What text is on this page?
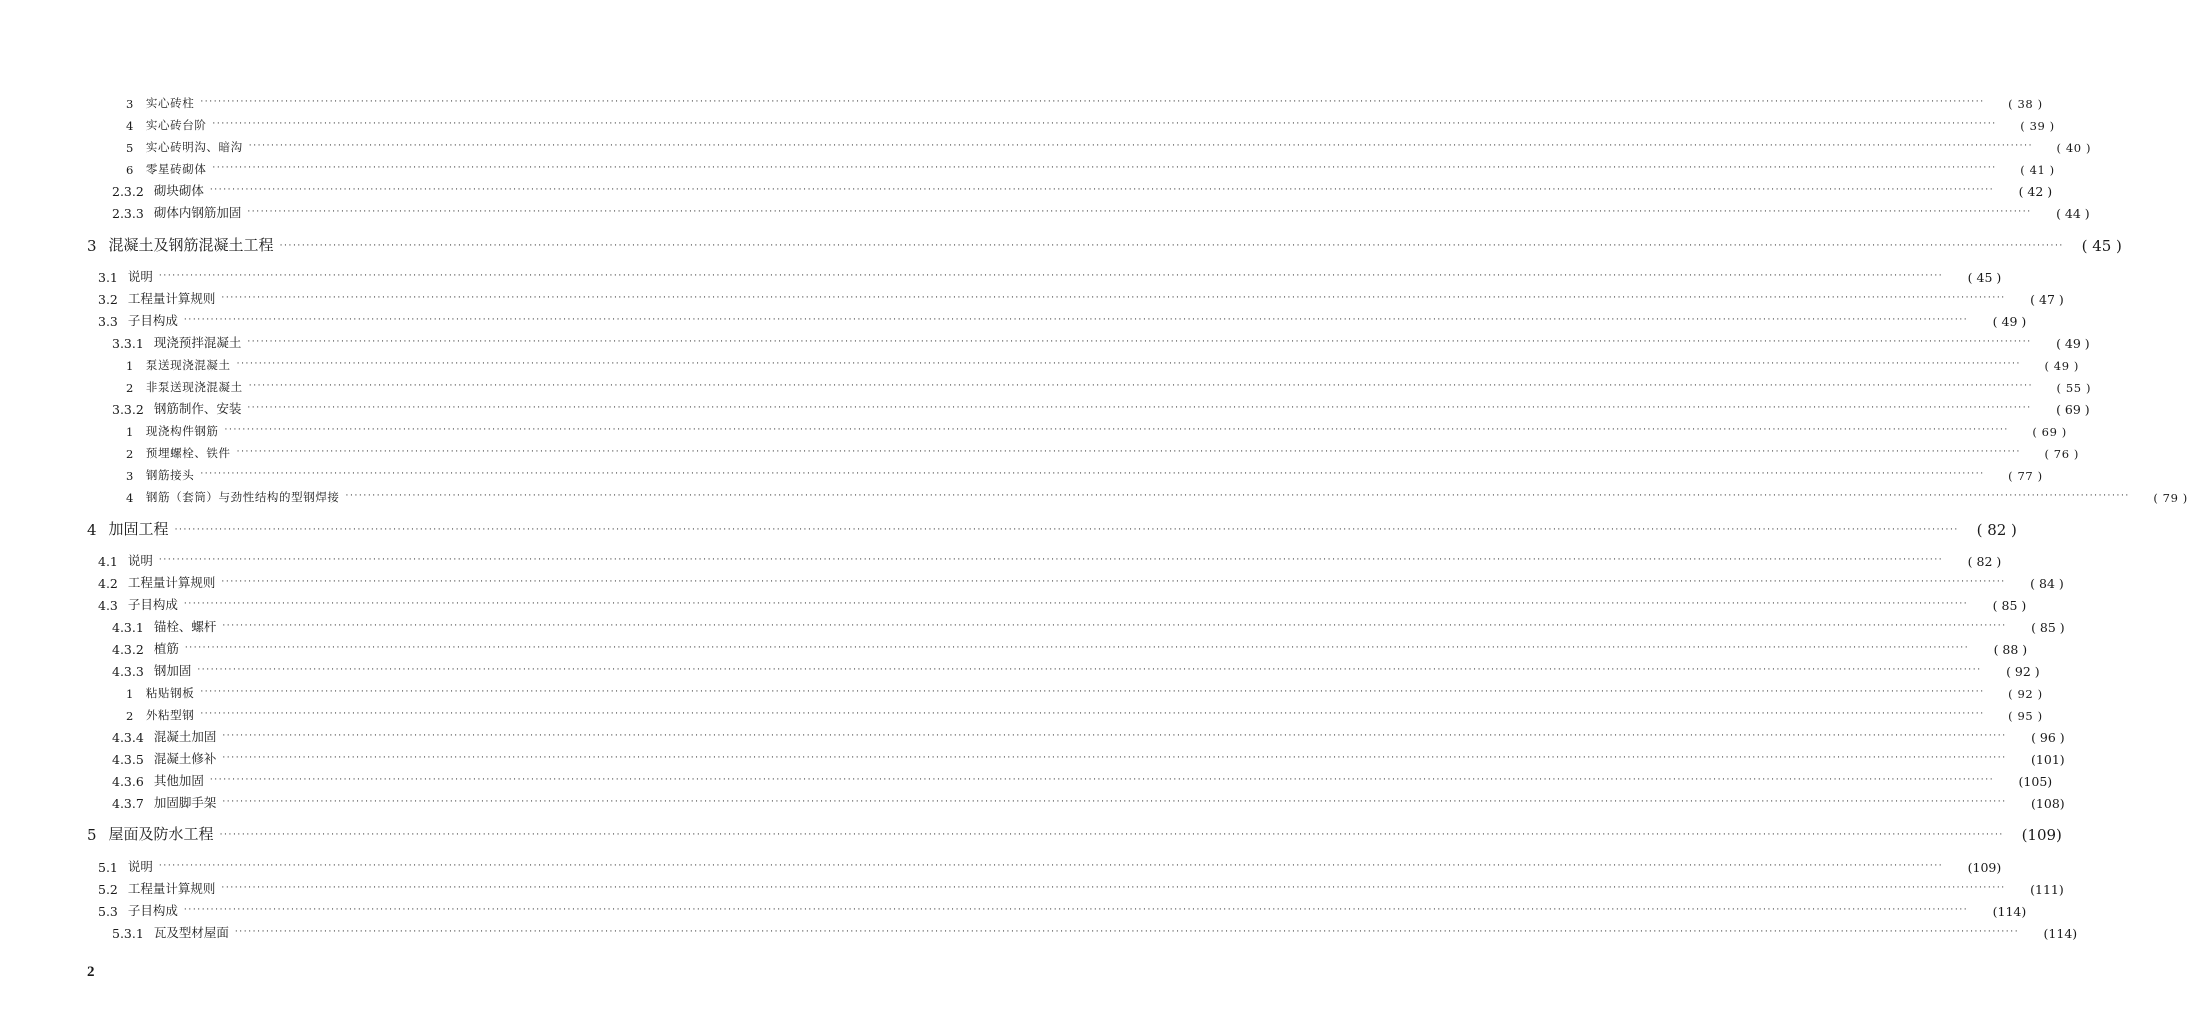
3 实心砖柱 ················································································································································································································································································································································································································	( 38 )
4 实心砖台阶 ················································································································································································································································································································································································································	( 39 )
5 实心砖明沟、暗沟 ················································································································································································································································································································································································································	( 40 )
6 零星砖砌体 ················································································································································································································································································································································································································	( 41 )
2.3.2 砌块砌体 ················································································································································································································································································································································································································	( 42 )
2.3.3 砌体内钢筋加固 ················································································································································································································································································································································································································	( 44 )
3 混凝土及钢筋混凝土工程 ················································································································································································································································································································································································································	( 45 )
3.1 说明 ················································································································································································································································································································································································································	( 45 )
3.2 工程量计算规则 ················································································································································································································································································································································································································	( 47 )
3.3 子目构成 ················································································································································································································································································································································································································	( 49 )
3.3.1 现浇预拌混凝土 ················································································································································································································································································································································································································	( 49 )
1 泵送现浇混凝土 ················································································································································································································································································································································································································	( 49 )
2 非泵送现浇混凝土 ················································································································································································································································································································································································································	( 55 )
3.3.2 钢筋制作、安装 ················································································································································································································································································································································································································	( 69 )
1 现浇构件钢筋 ················································································································································································································································································································································································································	( 69 )
2 预埋螺栓、铁件 ················································································································································································································································································································································································································	( 76 )
3 钢筋接头 ················································································································································································································································································································································································································	( 77 )
4 钢筋（套筒）与劲性结构的型钢焊接 ················································································································································································································································································································································································································	( 79 )
4 加固工程 ················································································································································································································································································································································································································	( 82 )
4.1 说明 ················································································································································································································································································································································································································	( 82 )
4.2 工程量计算规则 ················································································································································································································································································································································································································	( 84 )
4.3 子目构成 ················································································································································································································································································································································································································	( 85 )
4.3.1 锚栓、螺杆 ················································································································································································································································································································································································································	( 85 )
4.3.2 植筋 ················································································································································································································································································································································································································	( 88 )
4.3.3 钢加固 ················································································································································································································································································································································································································	( 92 )
1 粘贴钢板 ················································································································································································································································································································································································································	( 92 )
2 外粘型钢 ················································································································································································································································································································································································································	( 95 )
4.3.4 混凝土加固 ················································································································································································································································································································································································································	( 96 )
4.3.5 混凝土修补 ················································································································································································································································································································································································································	(101)
4.3.6 其他加固 ················································································································································································································································································································································································································	(105)
4.3.7 加固脚手架 ················································································································································································································································································································································································································	(108)
5 屋面及防水工程 ················································································································································································································································································································································································································	(109)
5.1 说明 ················································································································································································································································································································································································································	(109)
5.2 工程量计算规则 ················································································································································································································································································································································································································	(111)
5.3 子目构成 ················································································································································································································································································································································································································	(114)
5.3.1 瓦及型材屋面 ················································································································································································································································································································································································································	(114)
2
